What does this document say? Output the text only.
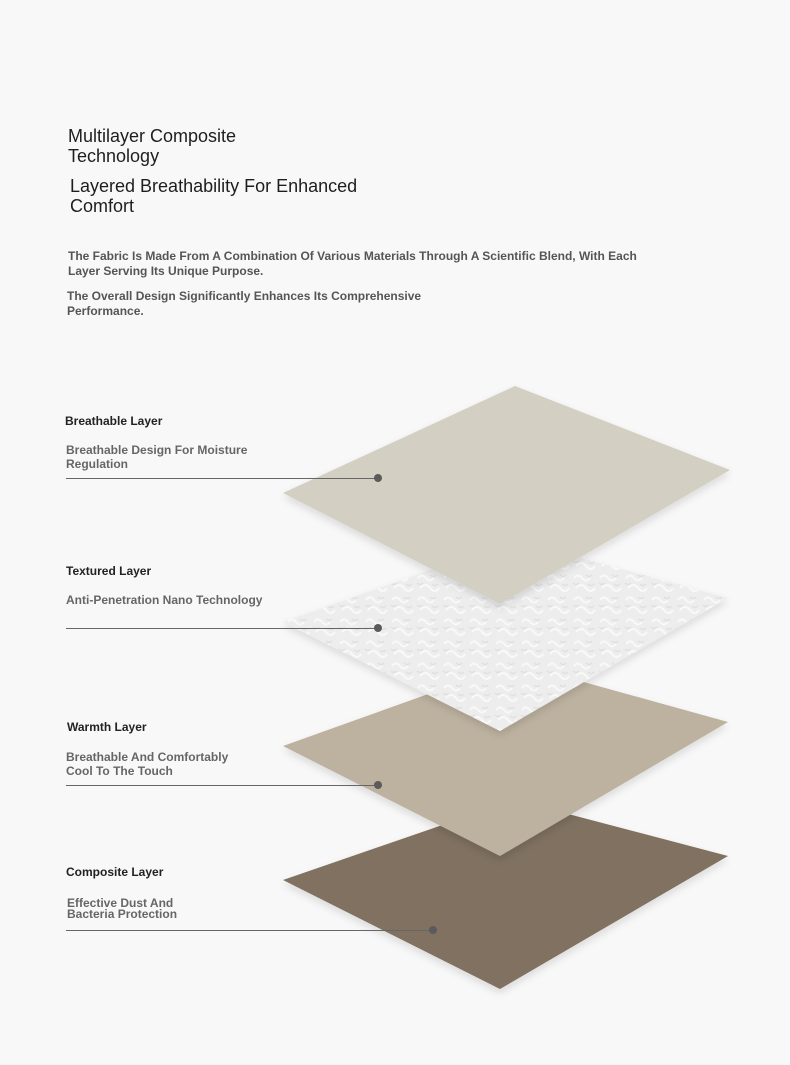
Multilayer Composite Technology
Layered Breathability For Enhanced Comfort

The Fabric Is Made From A Combination Of Various Materials Through A Scientific Blend, With Each Layer Serving Its Unique Purpose.

The Overall Design Significantly Enhances Its Comprehensive Performance.

Breathable Layer

Breathable Design For Moisture Regulation

Textured Layer

Anti-Penetration Nano Technology

Warmth Layer

Breathable And Comfortably Cool To The Touch

Composite Layer

Effective Dust And Bacteria Protection
